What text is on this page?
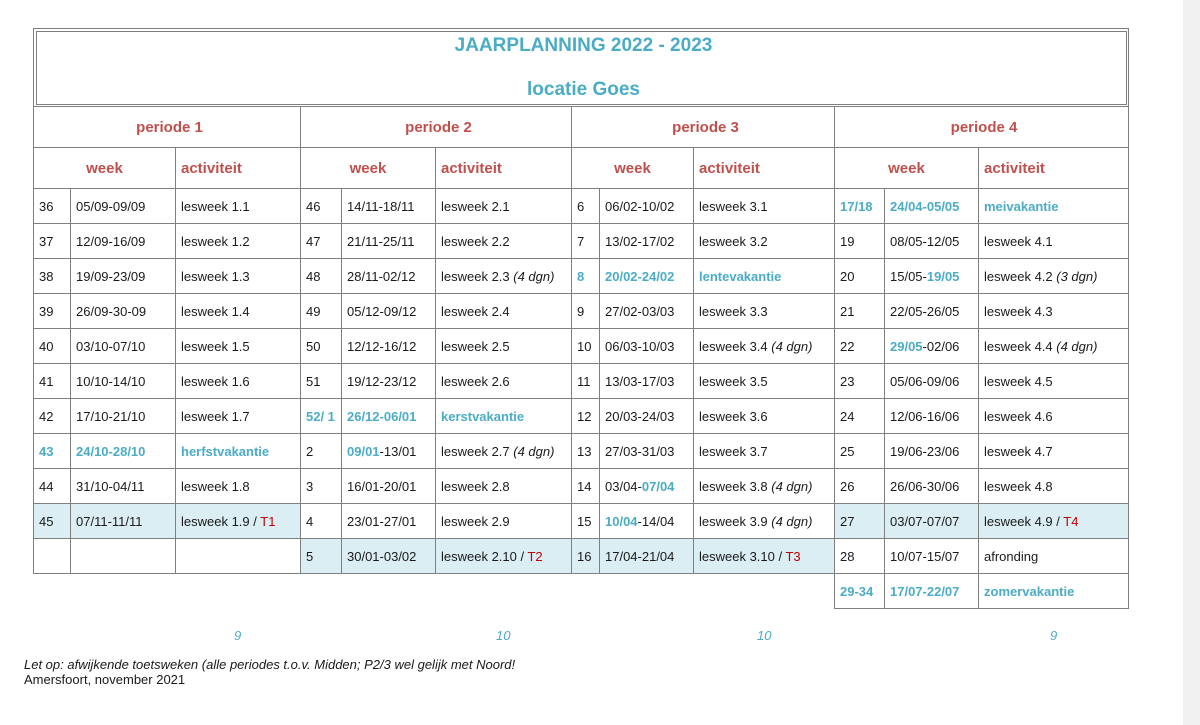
JAARPLANNING 2022 - 2023
locatie Goes											

periode 1			periode 2			periode 3			periode 4		
week		activiteit	week		activiteit	week		activiteit	week		activiteit
36	05/09-09/09	lesweek 1.1	46	14/11-18/11	lesweek 2.1	6	06/02-10/02	lesweek 3.1	17/18	24/04-05/05	meivakantie
37	12/09-16/09	lesweek 1.2	47	21/11-25/11	lesweek 2.2	7	13/02-17/02	lesweek 3.2	19	08/05-12/05	lesweek 4.1
38	19/09-23/09	lesweek 1.3	48	28/11-02/12	lesweek 2.3 (4 dgn)	8	20/02-24/02	lentevakantie	20	15/05-19/05	lesweek 4.2 (3 dgn)
39	26/09-30-09	lesweek 1.4	49	05/12-09/12	lesweek 2.4	9	27/02-03/03	lesweek 3.3	21	22/05-26/05	lesweek 4.3
40	03/10-07/10	lesweek 1.5	50	12/12-16/12	lesweek 2.5	10	06/03-10/03	lesweek 3.4 (4 dgn)	22	29/05-02/06	lesweek 4.4 (4 dgn)
41	10/10-14/10	lesweek 1.6	51	19/12-23/12	lesweek 2.6	11	13/03-17/03	lesweek 3.5	23	05/06-09/06	lesweek 4.5
42	17/10-21/10	lesweek 1.7	52/ 1	26/12-06/01	kerstvakantie	12	20/03-24/03	lesweek 3.6	24	12/06-16/06	lesweek 4.6
43	24/10-28/10	herfstvakantie	2	09/01-13/01	lesweek 2.7 (4 dgn)	13	27/03-31/03	lesweek 3.7	25	19/06-23/06	lesweek 4.7
44	31/10-04/11	lesweek 1.8	3	16/01-20/01	lesweek 2.8	14	03/04-07/04	lesweek 3.8 (4 dgn)	26	26/06-30/06	lesweek 4.8
45	07/11-11/11	lesweek 1.9 / T1	4	23/01-27/01	lesweek 2.9	15	10/04-14/04	lesweek 3.9 (4 dgn)	27	03/07-07/07	lesweek 4.9 / T4
			5	30/01-03/02	lesweek 2.10 / T2	16	17/04-21/04	lesweek 3.10 / T3	28	10/07-15/07	afronding
									29-34	17/07-22/07	zomervakantie
9	10	10	9
Let op: afwijkende toetsweken (alle periodes t.o.v. Midden; P2/3 wel gelijk met Noord!
Amersfoort, november 2021
